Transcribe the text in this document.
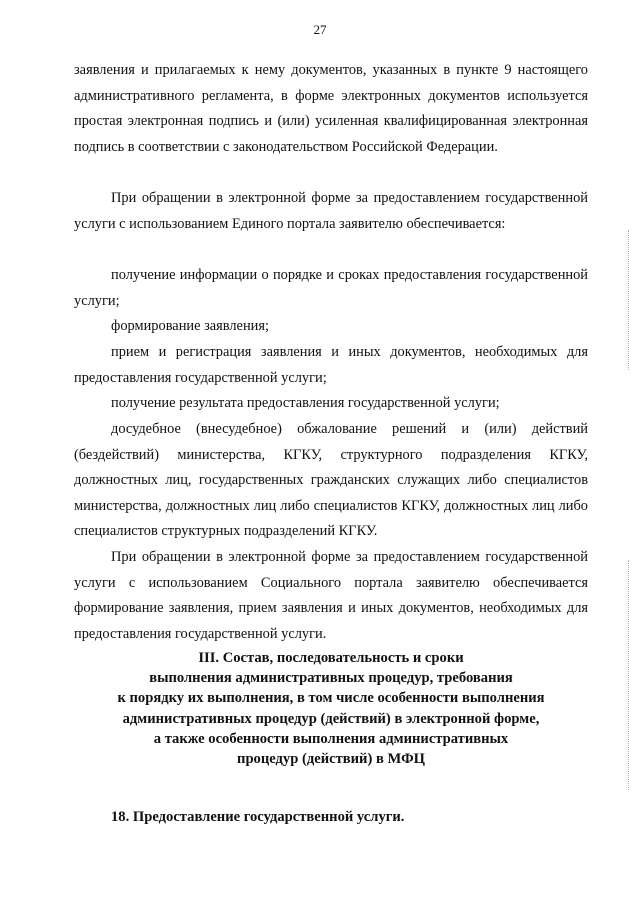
27

заявления и прилагаемых к нему документов, указанных в пункте 9 настоящего административного регламента, в форме электронных документов используется простая электронная подпись и (или) усиленная квалифицированная электронная подпись в соответствии с законодательством Российской Федерации.

При обращении в электронной форме за предоставлением государственной услуги с использованием Единого портала заявителю обеспечивается:

получение информации о порядке и сроках предоставления государственной услуги;

формирование заявления;

прием и регистрация заявления и иных документов, необходимых для предоставления государственной услуги;

получение результата предоставления государственной услуги;

досудебное (внесудебное) обжалование решений и (или) действий (бездействий) министерства, КГКУ, структурного подразделения КГКУ, должностных лиц, государственных гражданских служащих либо специалистов министерства, должностных лиц либо специалистов КГКУ, должностных лиц либо специалистов структурных подразделений КГКУ.

При обращении в электронной форме за предоставлением государственной услуги с использованием Социального портала заявителю обеспечивается формирование заявления, прием заявления и иных документов, необходимых для предоставления государственной услуги.

III. Состав, последовательность и сроки
выполнения административных процедур, требования
к порядку их выполнения, в том числе особенности выполнения
административных процедур (действий) в электронной форме,
а также особенности выполнения административных
процедур (действий) в МФЦ
18. Предоставление государственной услуги.
